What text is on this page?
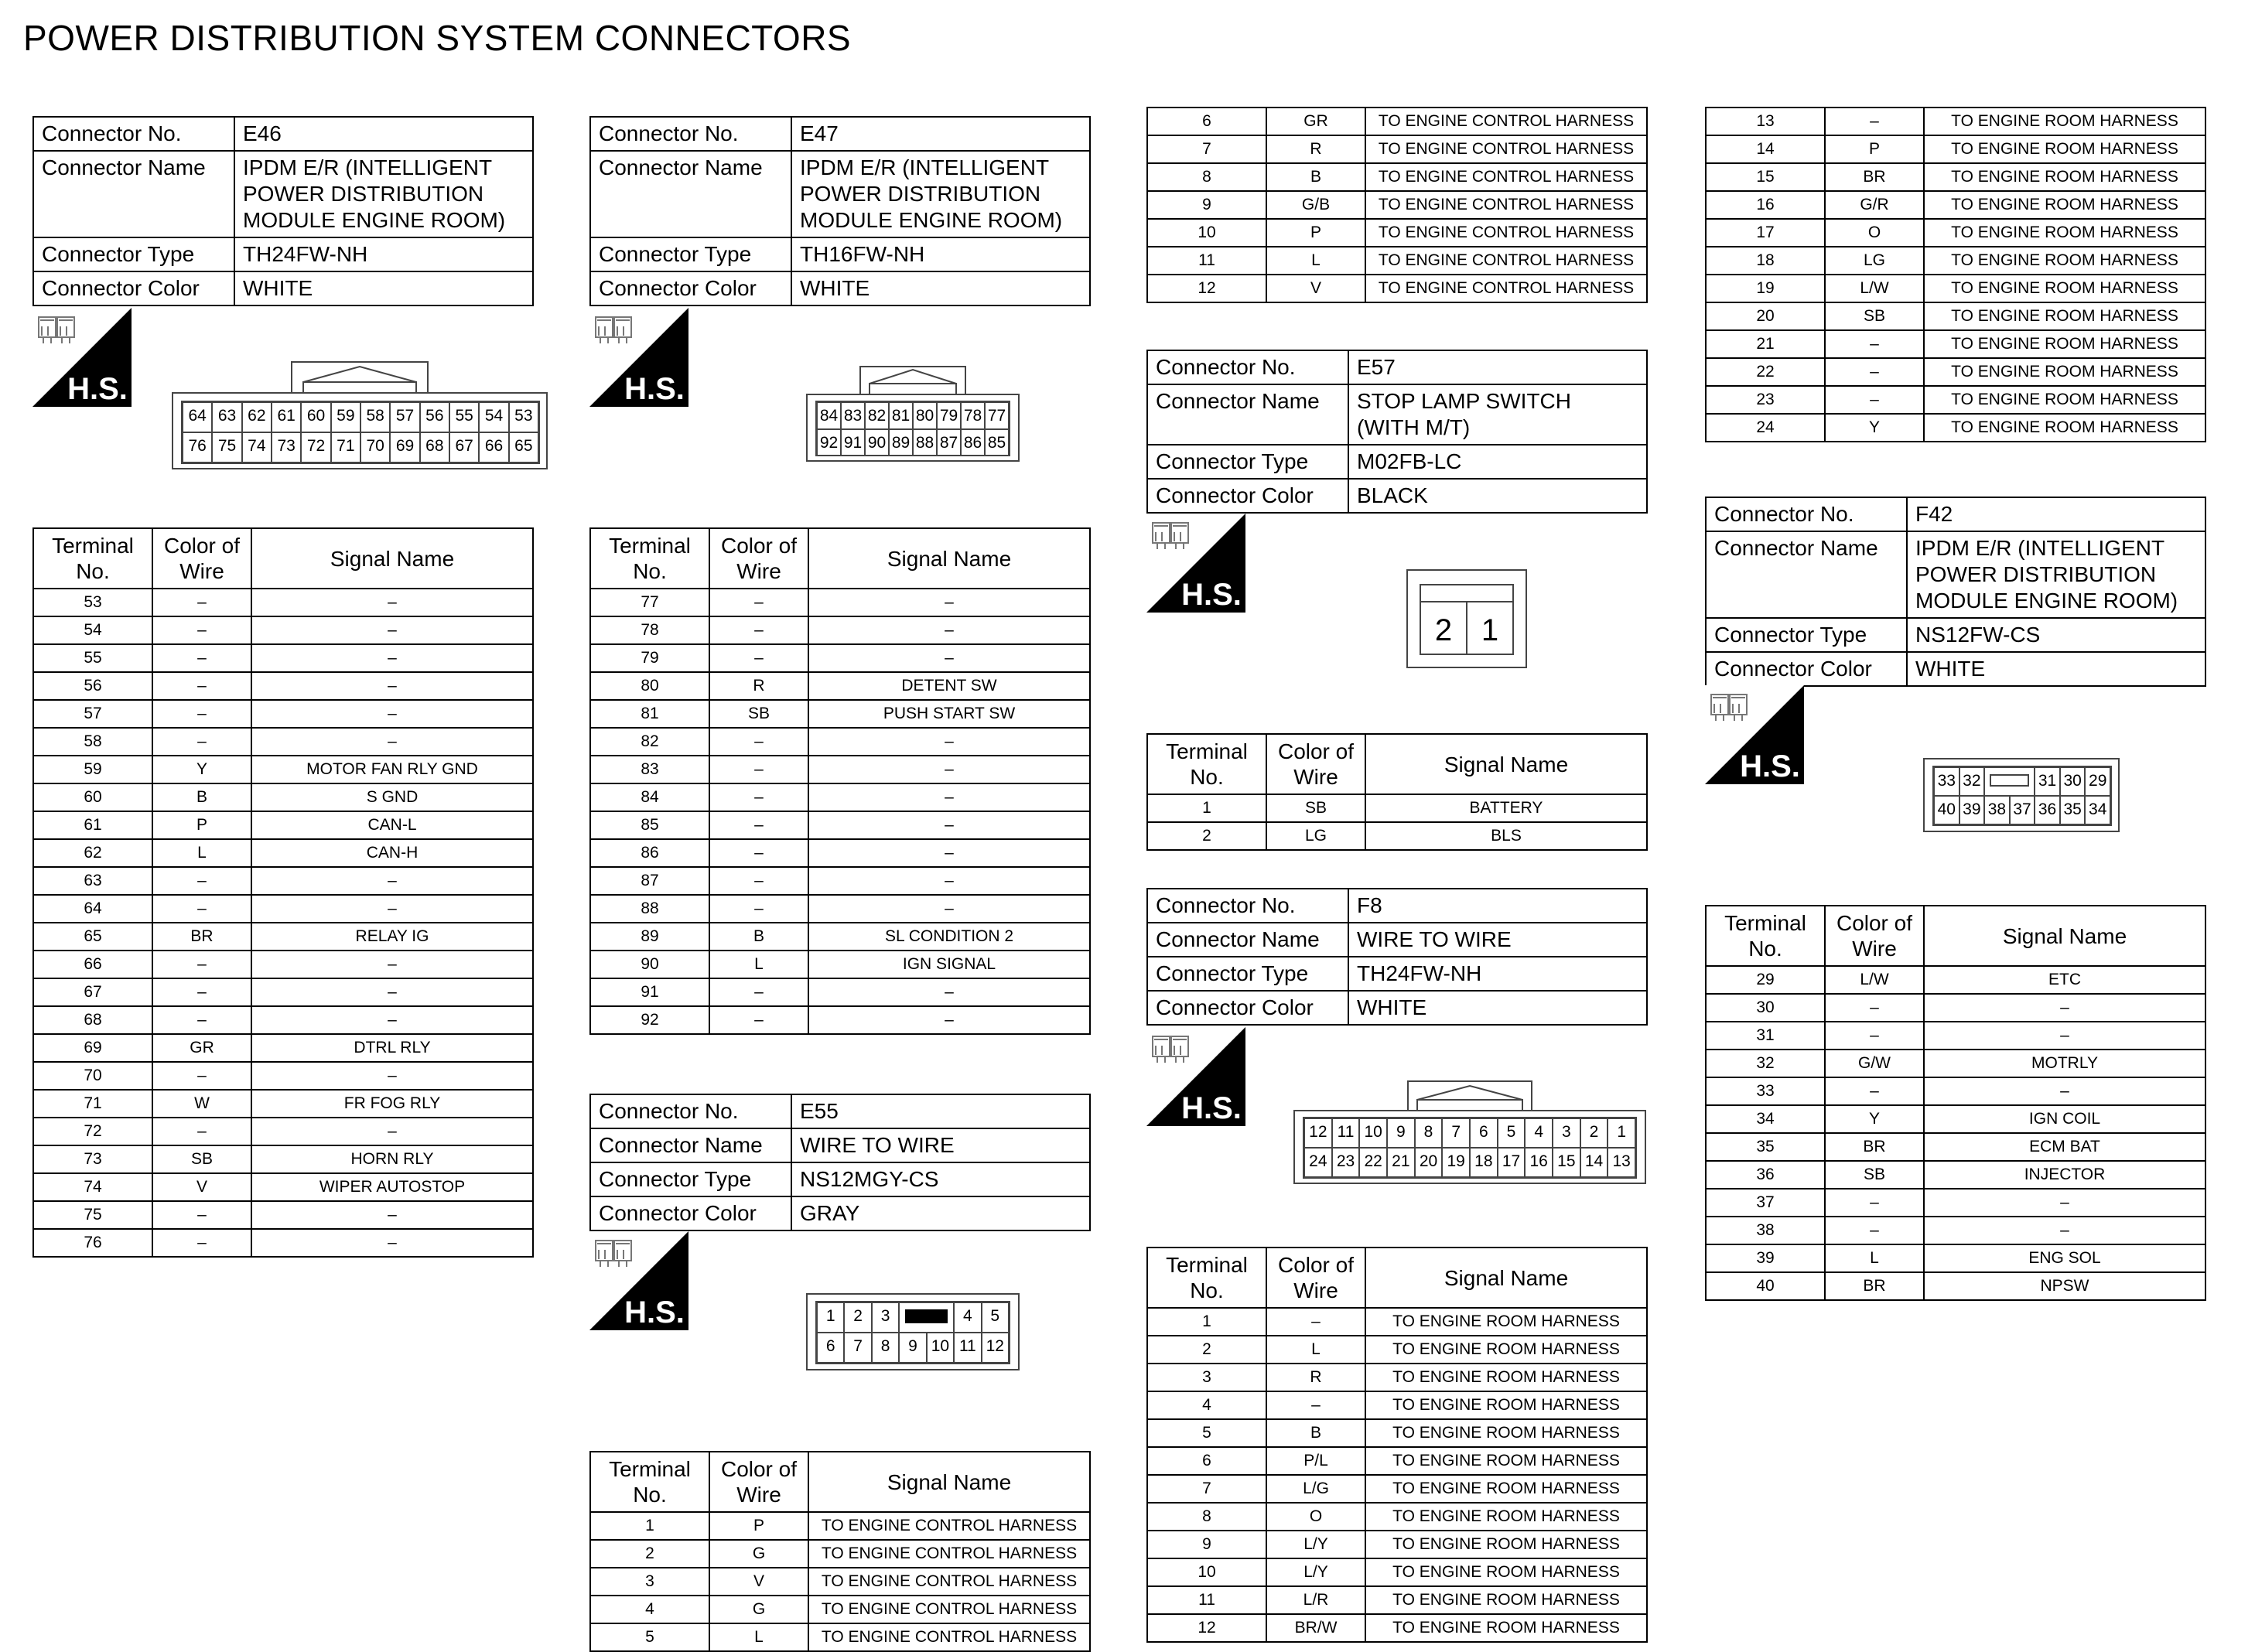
POWER DISTRIBUTION SYSTEM CONNECTORS
Connector No.	E46
Connector Name	IPDM E/R (INTELLIGENT POWER DISTRIBUTION MODULE ENGINE ROOM)
Connector Type	TH24FW-NH
Connector Color	WHITE
Connector No.	E47
Connector Name	IPDM E/R (INTELLIGENT POWER DISTRIBUTION MODULE ENGINE ROOM)
Connector Type	TH16FW-NH
Connector Color	WHITE
Connector No.	E55
Connector Name	WIRE TO WIRE
Connector Type	NS12MGY-CS
Connector Color	GRAY
6	GR	TO ENGINE CONTROL HARNESS
7	R	TO ENGINE CONTROL HARNESS
8	B	TO ENGINE CONTROL HARNESS
9	G/B	TO ENGINE CONTROL HARNESS
10	P	TO ENGINE CONTROL HARNESS
11	L	TO ENGINE CONTROL HARNESS
12	V	TO ENGINE CONTROL HARNESS
Connector No.	E57
Connector Name	STOP LAMP SWITCH (WITH M/T)
Connector Type	M02FB-LC
Connector Color	BLACK
Connector No.	F8
Connector Name	WIRE TO WIRE
Connector Type	TH24FW-NH
Connector Color	WHITE
13	–	TO ENGINE ROOM HARNESS
14	P	TO ENGINE ROOM HARNESS
15	BR	TO ENGINE ROOM HARNESS
16	G/R	TO ENGINE ROOM HARNESS
17	O	TO ENGINE ROOM HARNESS
18	LG	TO ENGINE ROOM HARNESS
19	L/W	TO ENGINE ROOM HARNESS
20	SB	TO ENGINE ROOM HARNESS
21	–	TO ENGINE ROOM HARNESS
22	–	TO ENGINE ROOM HARNESS
23	–	TO ENGINE ROOM HARNESS
24	Y	TO ENGINE ROOM HARNESS
Connector No.	F42
Connector Name	IPDM E/R (INTELLIGENT POWER DISTRIBUTION MODULE ENGINE ROOM)
Connector Type	NS12FW-CS
Connector Color	WHITE
Terminal No.	Color of Wire	Signal Name
53	–	–
54	–	–
55	–	–
56	–	–
57	–	–
58	–	–
59	Y	MOTOR FAN RLY GND
60	B	S GND
61	P	CAN-L
62	L	CAN-H
63	–	–
64	–	–
65	BR	RELAY IG
66	–	–
67	–	–
68	–	–
69	GR	DTRL RLY
70	–	–
71	W	FR FOG RLY
72	–	–
73	SB	HORN RLY
74	V	WIPER AUTOSTOP
75	–	–
76	–	–
Terminal No.	Color of Wire	Signal Name
77	–	–
78	–	–
79	–	–
80	R	DETENT SW
81	SB	PUSH START SW
82	–	–
83	–	–
84	–	–
85	–	–
86	–	–
87	–	–
88	–	–
89	B	SL CONDITION 2
90	L	IGN SIGNAL
91	–	–
92	–	–
Terminal No.	Color of Wire	Signal Name
1	P	TO ENGINE CONTROL HARNESS
2	G	TO ENGINE CONTROL HARNESS
3	V	TO ENGINE CONTROL HARNESS
4	G	TO ENGINE CONTROL HARNESS
5	L	TO ENGINE CONTROL HARNESS
Terminal No.	Color of Wire	Signal Name
1	SB	BATTERY
2	LG	BLS
Terminal No.	Color of Wire	Signal Name
1	–	TO ENGINE ROOM HARNESS
2	L	TO ENGINE ROOM HARNESS
3	R	TO ENGINE ROOM HARNESS
4	–	TO ENGINE ROOM HARNESS
5	B	TO ENGINE ROOM HARNESS
6	P/L	TO ENGINE ROOM HARNESS
7	L/G	TO ENGINE ROOM HARNESS
8	O	TO ENGINE ROOM HARNESS
9	L/Y	TO ENGINE ROOM HARNESS
10	L/Y	TO ENGINE ROOM HARNESS
11	L/R	TO ENGINE ROOM HARNESS
12	BR/W	TO ENGINE ROOM HARNESS
Terminal No.	Color of Wire	Signal Name
29	L/W	ETC
30	–	–
31	–	–
32	G/W	MOTRLY
33	–	–
34	Y	IGN COIL
35	BR	ECM BAT
36	SB	INJECTOR
37	–	–
38	–	–
39	L	ENG SOL
40	BR	NPSW
H.S.	H.S.
H.S.
H.S.
H.S.
H.S.
64 63 62 61 60 59 58 57 56 55 54 53
76 75 74 73 72 71 70 69 68 67 66 65
84 83 82 81 80 79 78 77
92 91 90 89 88 87 86 85
1	2	3	4	5
6	7	8	9 10 11 12
2 1
12 11 10 9	8	7	6	5	4	3	2	1
24 23 22 21 20 19 18 17 16 15 14 13
33 32	31 30 29
40 39 38 37 36 35 34
